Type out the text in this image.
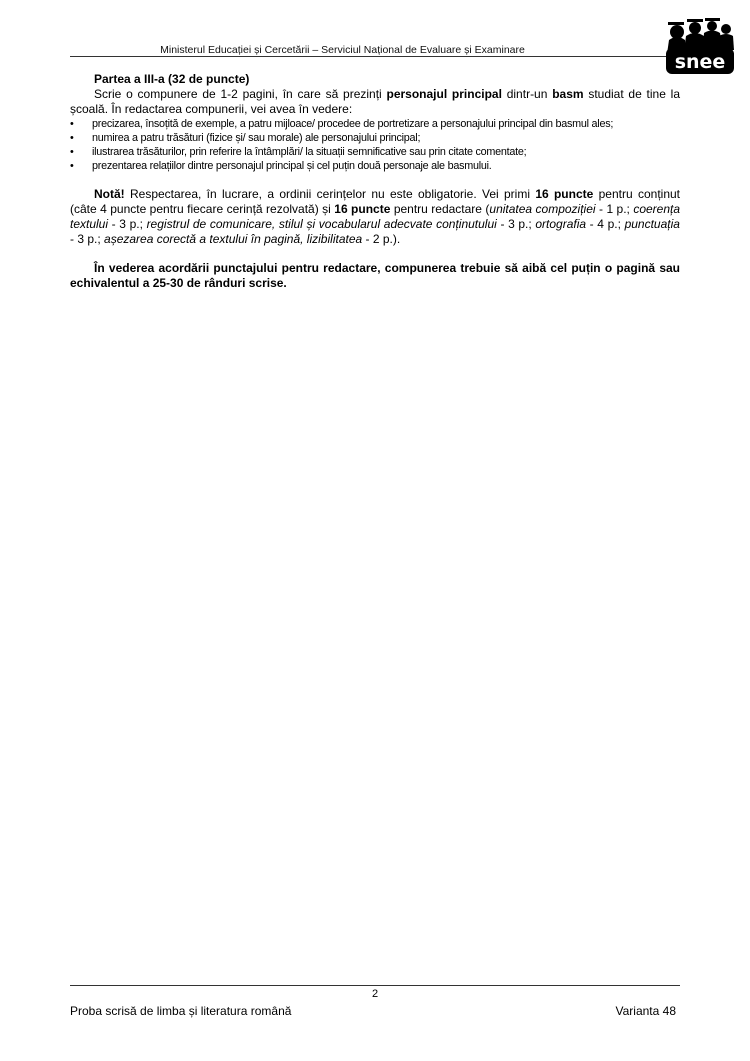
Ministerul Educației și Cercetării – Serviciul Național de Evaluare și Examinare
snee

Partea a III-a (32 de puncte)

Scrie o compunere de 1-2 pagini, în care să prezinți personajul principal dintr-un basm studiat de tine la școală. În redactarea compunerii, vei avea în vedere:

• precizarea, însoțită de exemple, a patru mijloace/ procedee de portretizare a personajului principal din basmul ales;
• numirea a patru trăsături (fizice și/ sau morale) ale personajului principal;
• ilustrarea trăsăturilor, prin referire la întâmplări/ la situații semnificative sau prin citate comentate;
• prezentarea relațiilor dintre personajul principal și cel puțin două personaje ale basmului.

Notă! Respectarea, în lucrare, a ordinii cerințelor nu este obligatorie. Vei primi 16 puncte pentru conținut (câte 4 puncte pentru fiecare cerință rezolvată) și 16 puncte pentru redactare (unitatea compoziției - 1 p.; coerența textului - 3 p.; registrul de comunicare, stilul și vocabularul adecvate conținutului - 3 p.; ortografia - 4 p.; punctuația - 3 p.; așezarea corectă a textului în pagină, lizibilitatea - 2 p.).

În vederea acordării punctajului pentru redactare, compunerea trebuie să aibă cel puțin o pagină sau echivalentul a 25-30 de rânduri scrise.

2
Proba scrisă de limba și literatura română	Varianta 48
